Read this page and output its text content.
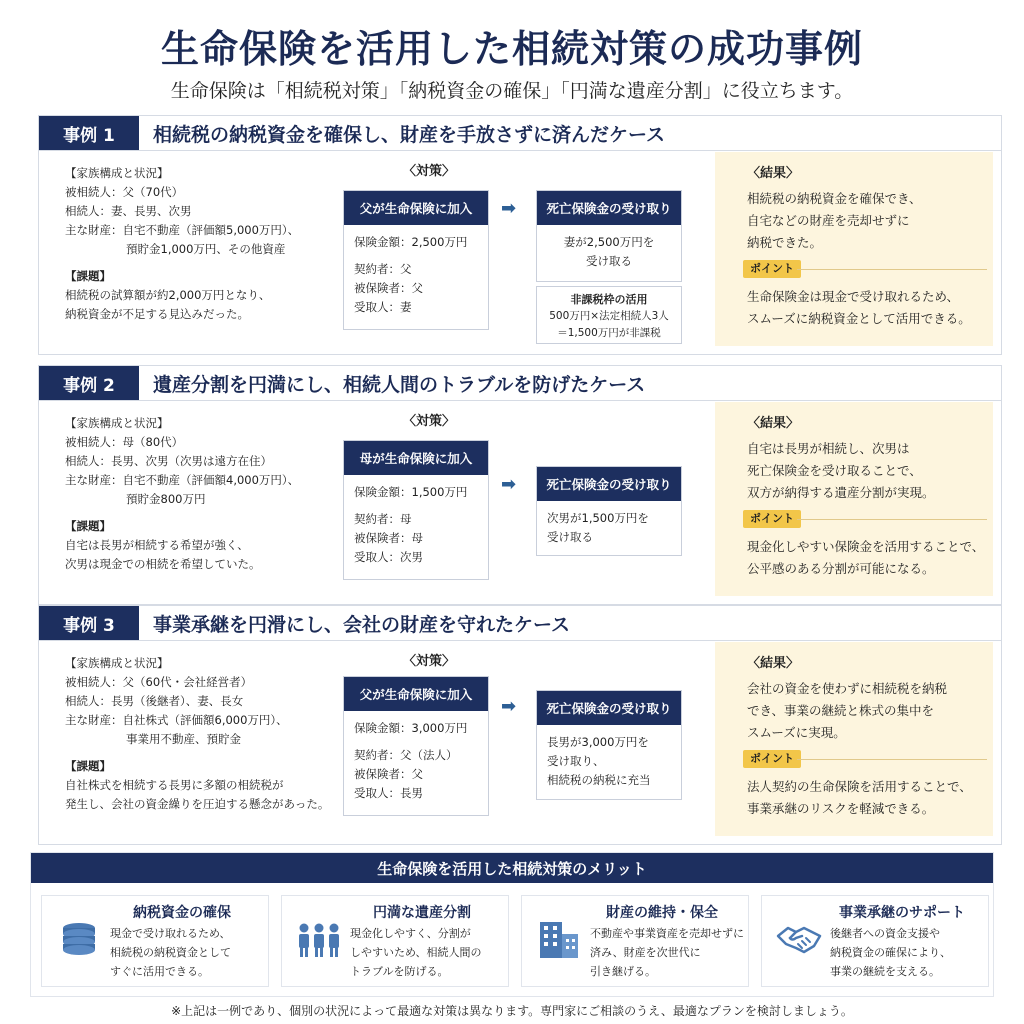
生命保険を活用した相続対策の成功事例
生命保険は「相続税対策」「納税資金の確保」「円満な遺産分割」に役立ちます。
事例 1	相続税の納税資金を確保し、財産を手放さずに済んだケース
【家族構成と状況】
被相続人：父（70代）
相続人：妻、長男、次男
主な財産：自宅不動産（評価額5,000万円）、
預貯金1,000万円、その他資産
【課題】
相続税の試算額が約2,000万円となり、
納税資金が不足する見込みだった。
〈対策〉
父が生命保険に加入
保険金額：2,500万円
契約者：父
被保険者：父
受取人：妻
➡	死亡保険金の受け取り
妻が2,500万円を
受け取る
非課税枠の活用
500万円×法定相続人3人
＝1,500万円が非課税
〈結果〉
相続税の納税資金を確保でき、
自宅などの財産を売却せずに
納税できた。
ポイント
生命保険金は現金で受け取れるため、
スムーズに納税資金として活用できる。
事例 2	遺産分割を円満にし、相続人間のトラブルを防げたケース
【家族構成と状況】
被相続人：母（80代）
相続人：長男、次男（次男は遠方在住）
主な財産：自宅不動産（評価額4,000万円）、
預貯金800万円
【課題】
自宅は長男が相続する希望が強く、
次男は現金での相続を希望していた。
〈対策〉
母が生命保険に加入
保険金額：1,500万円
契約者：母
被保険者：母
受取人：次男
➡	死亡保険金の受け取り
次男が1,500万円を
受け取る
〈結果〉
自宅は長男が相続し、次男は
死亡保険金を受け取ることで、
双方が納得する遺産分割が実現。
ポイント
現金化しやすい保険金を活用することで、
公平感のある分割が可能になる。
事例 3	事業承継を円滑にし、会社の財産を守れたケース
【家族構成と状況】
被相続人：父（60代・会社経営者）
相続人：長男（後継者）、妻、長女
主な財産：自社株式（評価額6,000万円）、
事業用不動産、預貯金
【課題】
自社株式を相続する長男に多額の相続税が
発生し、会社の資金繰りを圧迫する懸念があった。
〈対策〉
父が生命保険に加入
保険金額：3,000万円
契約者：父（法人）
被保険者：父
受取人：長男
➡	死亡保険金の受け取り
長男が3,000万円を
受け取り、
相続税の納税に充当
〈結果〉
会社の資金を使わずに相続税を納税
でき、事業の継続と株式の集中を
スムーズに実現。
ポイント
法人契約の生命保険を活用することで、
事業承継のリスクを軽減できる。
生命保険を活用した相続対策のメリット
納税資金の確保
現金で受け取れるため、
相続税の納税資金として
すぐに活用できる。
円満な遺産分割
現金化しやすく、分割が
しやすいため、相続人間の
トラブルを防げる。
財産の維持・保全
不動産や事業資産を売却せずに
済み、財産を次世代に
引き継げる。
事業承継のサポート
後継者への資金支援や
納税資金の確保により、
事業の継続を支える。
※上記は一例であり、個別の状況によって最適な対策は異なります。専門家にご相談のうえ、最適なプランを検討しましょう。
